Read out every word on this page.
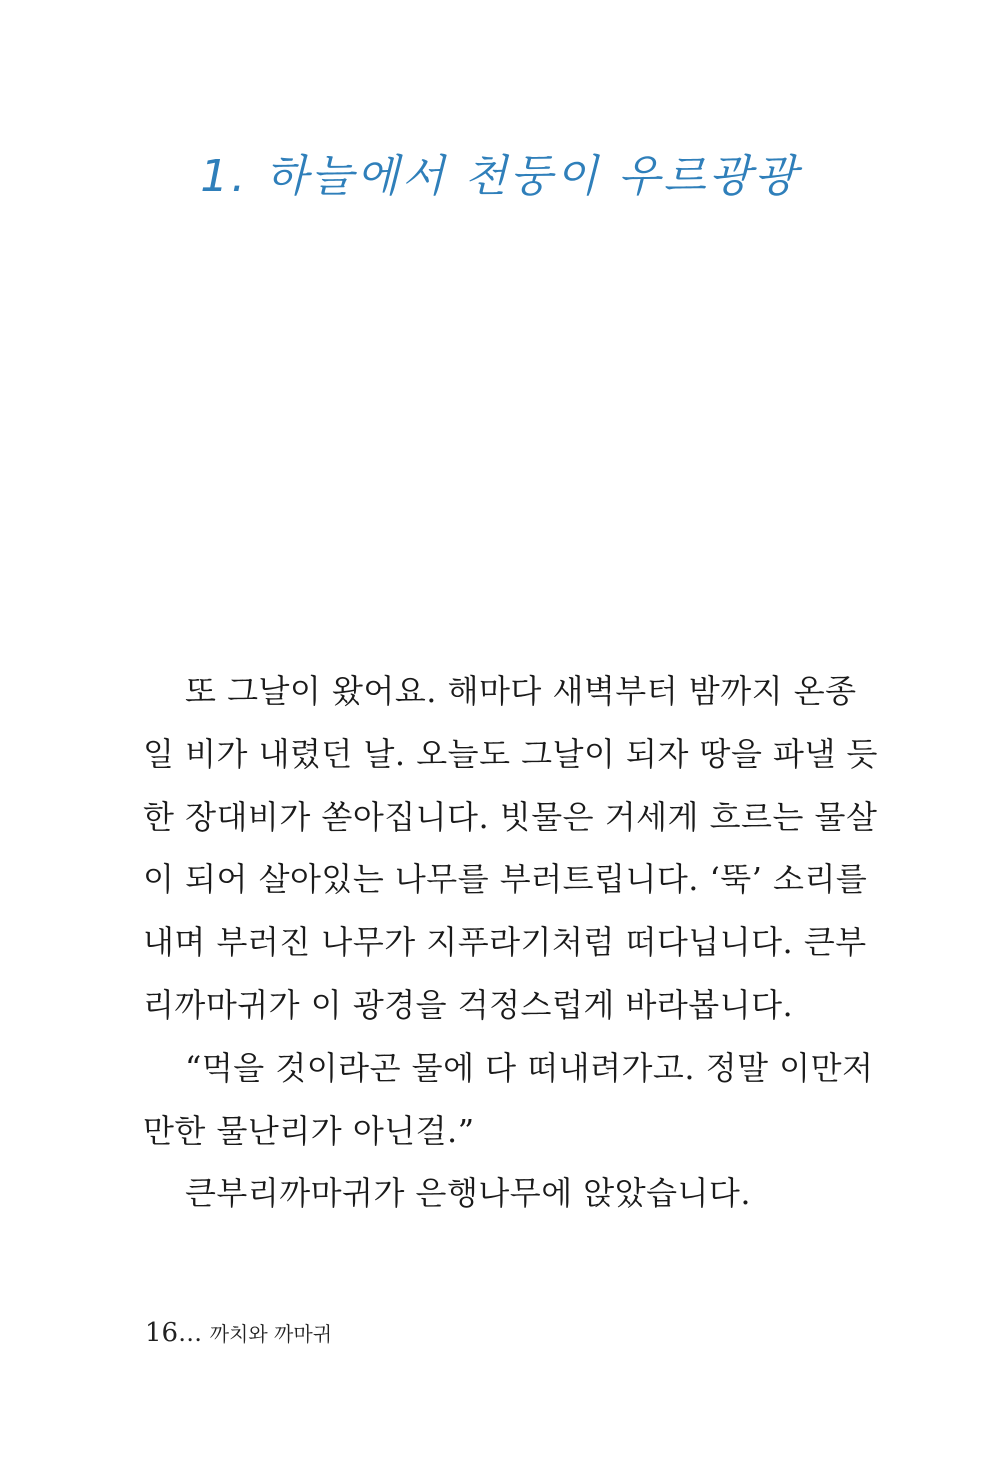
1. 하늘에서 천둥이 우르광광
또 그날이 왔어요. 해마다 새벽부터 밤까지 온종
일 비가 내렸던 날. 오늘도 그날이 되자 땅을 파낼 듯
한 장대비가 쏟아집니다. 빗물은 거세게 흐르는 물살
이 되어 살아있는 나무를 부러트립니다. ‘뚝’ 소리를
내며 부러진 나무가 지푸라기처럼 떠다닙니다. 큰부
리까마귀가 이 광경을 걱정스럽게 바라봅니다.
“먹을 것이라곤 물에 다 떠내려가고. 정말 이만저
만한 물난리가 아닌걸.”
큰부리까마귀가 은행나무에 앉았습니다.
16… 까치와 까마귀
